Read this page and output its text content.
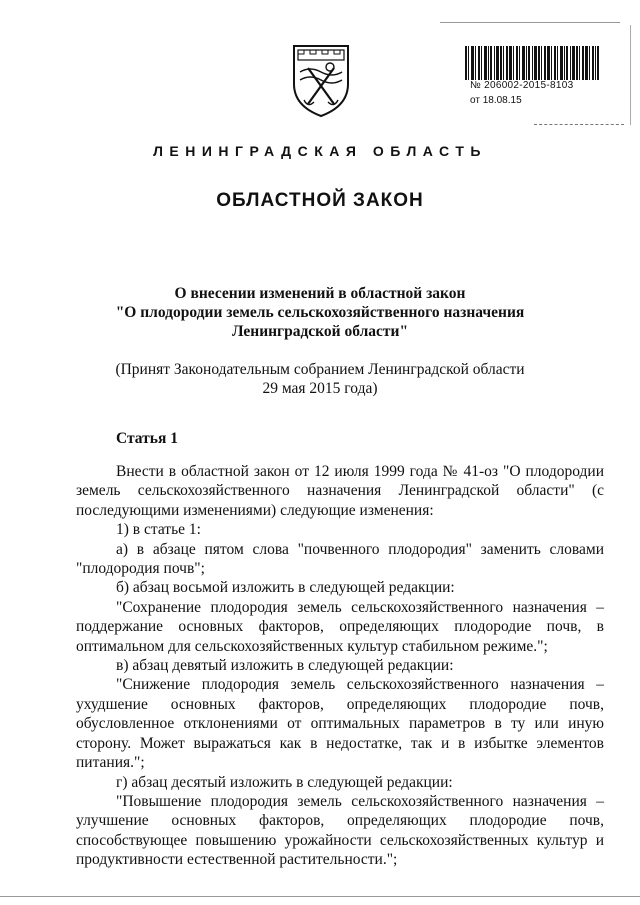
№ 206002-2015-8103
от 18.08.15
ЛЕНИНГРАДСКАЯ ОБЛАСТЬ
ОБЛАСТНОЙ ЗАКОН
О внесении изменений в областной закон
"О плодородии земель сельскохозяйственного назначения
Ленинградской области"
(Принят Законодательным собранием Ленинградской области
29 мая 2015 года)
Статья 1

Внести в областной закон от 12 июля 1999 года № 41-оз "О плодородии земель сельскохозяйственного назначения Ленинградской области" (с последующими изменениями) следующие изменения:

1) в статье 1:

а) в абзаце пятом слова "почвенного плодородия" заменить словами "плодородия почв";

б) абзац восьмой изложить в следующей редакции:

"Сохранение плодородия земель сельскохозяйственного назначения – поддержание основных факторов, определяющих плодородие почв, в оптимальном для сельскохозяйственных культур стабильном режиме.";

в) абзац девятый изложить в следующей редакции:

"Снижение плодородия земель сельскохозяйственного назначения – ухудшение основных факторов, определяющих плодородие почв, обусловленное отклонениями от оптимальных параметров в ту или иную сторону. Может выражаться как в недостатке, так и в избытке элементов питания.";

г) абзац десятый изложить в следующей редакции:

"Повышение плодородия земель сельскохозяйственного назначения – улучшение основных факторов, определяющих плодородие почв, способствующее повышению урожайности сельскохозяйственных культур и продуктивности естественной растительности.";
